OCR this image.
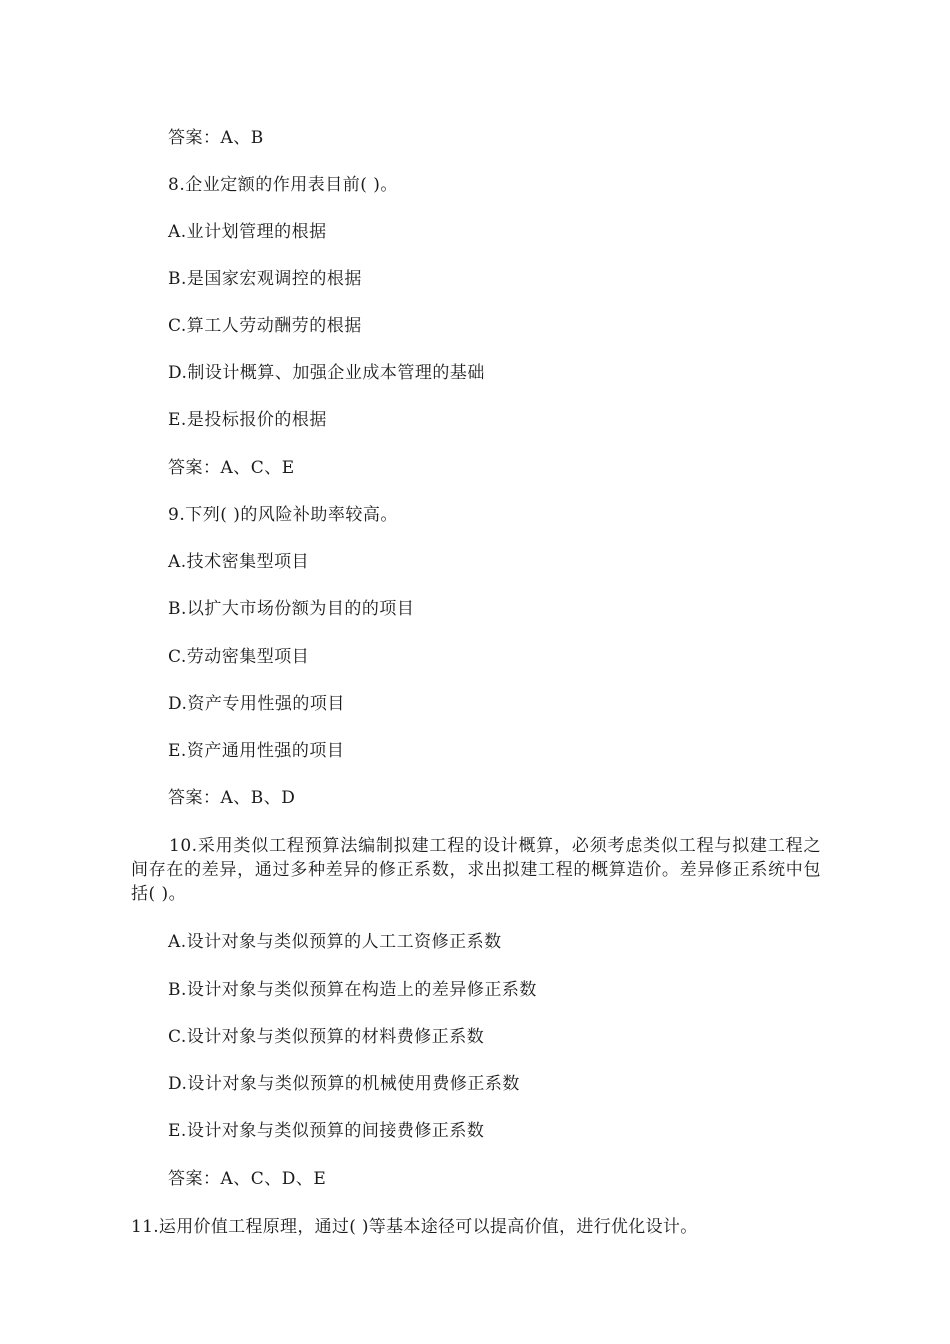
答案：A、B
8.企业定额的作用表目前( )。
A.业计划管理的根据
B.是国家宏观调控的根据
C.算工人劳动酬劳的根据
D.制设计概算、加强企业成本管理的基础
E.是投标报价的根据
答案：A、C、E
9.下列( )的风险补助率较高。
A.技术密集型项目
B.以扩大市场份额为目的的项目
C.劳动密集型项目
D.资产专用性强的项目
E.资产通用性强的项目
答案：A、B、D
10.采用类似工程预算法编制拟建工程的设计概算，必须考虑类似工程与拟建工程之间存在的差异，通过多种差异的修正系数，求出拟建工程的概算造价。差异修正系统中包括( )。
A.设计对象与类似预算的人工工资修正系数
B.设计对象与类似预算在构造上的差异修正系数
C.设计对象与类似预算的材料费修正系数
D.设计对象与类似预算的机械使用费修正系数
E.设计对象与类似预算的间接费修正系数
答案：A、C、D、E
11.运用价值工程原理，通过( )等基本途径可以提高价值，进行优化设计。
